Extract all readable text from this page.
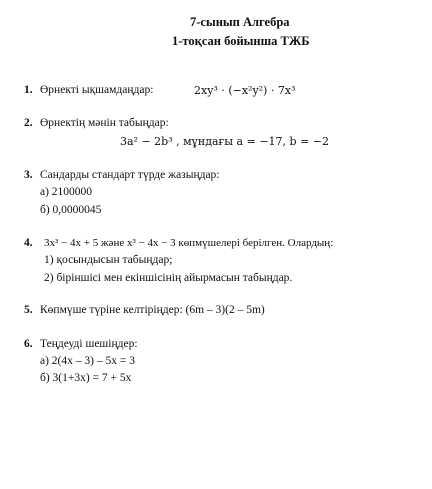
7-сынып Алгебра
1-тоқсан бойынша ТЖБ
1. Өрнекті ықшамдаңдар:	2xy³ · (−x²y²) · 7x³
2. Өрнектің мәнін табыңдар:
3a² − 2b³ , мұндағы a = −17, b = −2
3. Сандарды стандарт түрде жазыңдар:
а) 2100000
б) 0,0000045
4. 3x³ − 4x + 5 және x³ − 4x − 3 көпмүшелері берілген. Олардың:
1) қосындысын табыңдар;
2) біріншісі мен екіншісінің айырмасын табыңдар.
5. Көпмүше түріне келтіріңдер: (6m – 3)(2 – 5m)
6. Теңдеуді шешіңдер:
а) 2(4x – 3) – 5x = 3
б) 3(1+3x) = 7 + 5x
